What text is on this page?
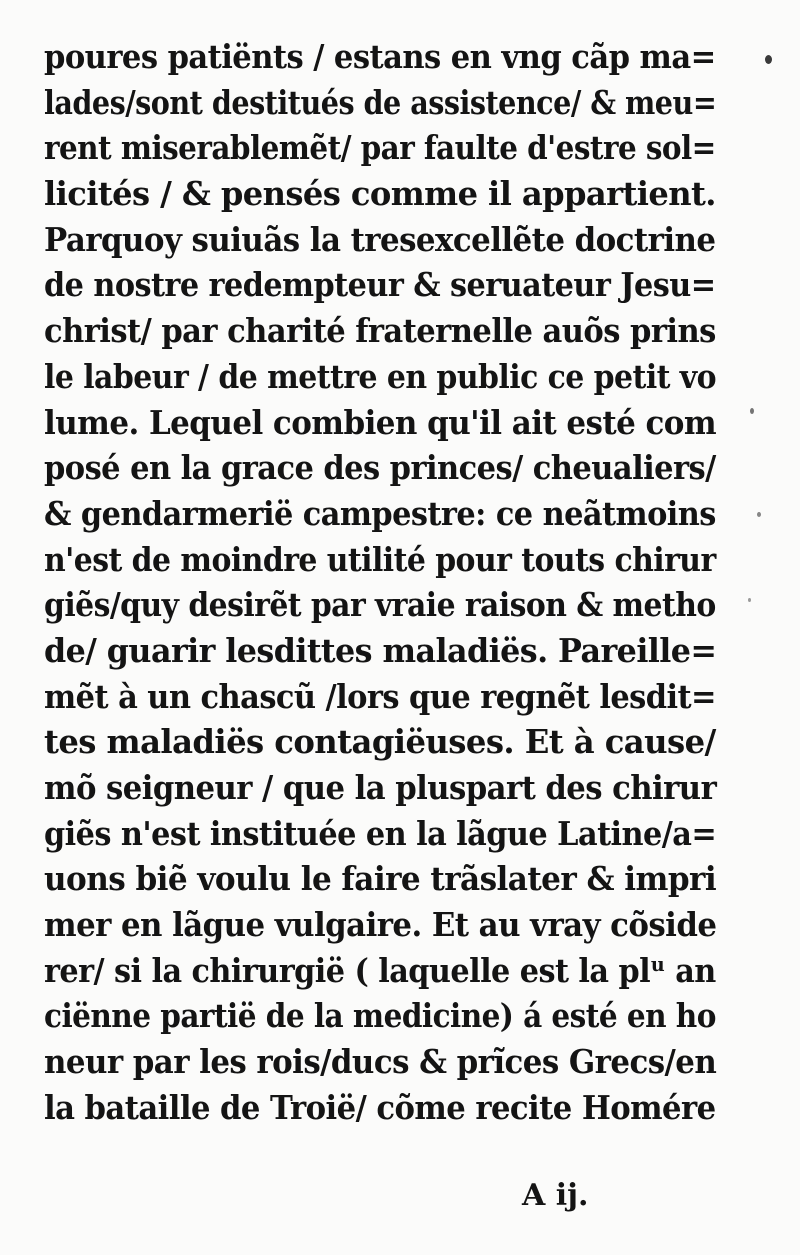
poures patiënts / estans en vng cãp ma=
lades/sont destitués de assistence/ & meu=
rent miserablemẽt/ par faulte d'estre sol=
licités / & pensés comme il appartient.
Parquoy suiuãs la tresexcellẽte doctrine
de nostre redempteur & seruateur Jesu=
christ/ par charité fraternelle auõs prins
le labeur / de mettre en public ce petit vo
lume. Lequel combien qu'il ait esté com
posé en la grace des princes/ cheualiers/
& gendarmerië campestre: ce neãtmoins
n'est de moindre utilité pour touts chirur
giẽs/quy desirẽt par vraie raison & metho
de/ guarir lesdittes maladiës. Pareille=
mẽt à un chascũ /lors que regnẽt lesdit=
tes maladiës contagiëuses. Et à cause/
mõ seigneur / que la pluspart des chirur
giẽs n'est instituée en la lãgue Latine/a=
uons biẽ voulu le faire trãslater & impri
mer en lãgue vulgaire. Et au vray cõside
rer/ si la chirurgië ( laquelle est la plᵘ an
ciënne partië de la medicine) á esté en ho
neur par les rois/ducs & prĩces Grecs/en
la bataille de Troië/ cõme recite Homére
A ij.
